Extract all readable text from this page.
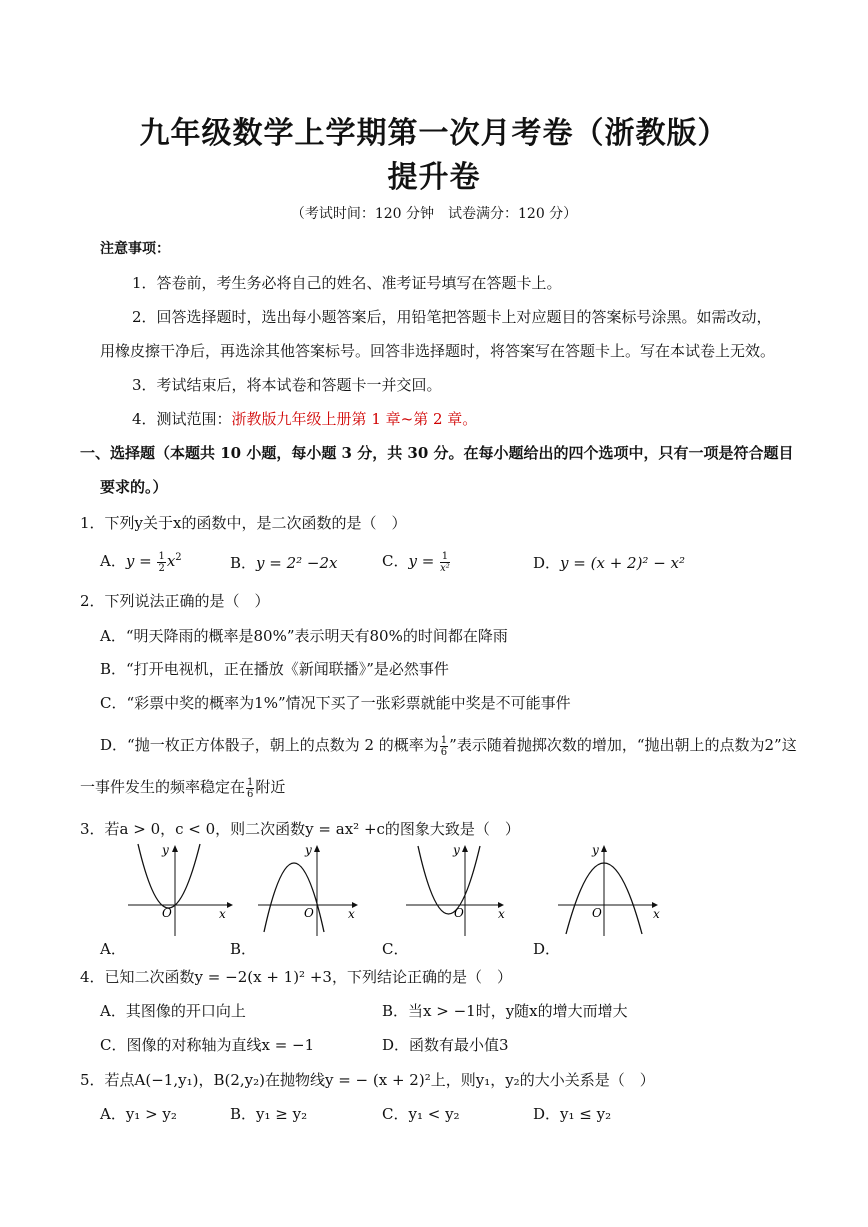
九年级数学上学期第一次月考卷（浙教版）
提升卷
（考试时间：120 分钟　试卷满分：120 分）
注意事项：
1．答卷前，考生务必将自己的姓名、准考证号填写在答题卡上。
2．回答选择题时，选出每小题答案后，用铅笔把答题卡上对应题目的答案标号涂黑。如需改动，
用橡皮擦干净后，再选涂其他答案标号。回答非选择题时，将答案写在答题卡上。写在本试卷上无效。
3．考试结束后，将本试卷和答题卡一并交回。
4．测试范围：浙教版九年级上册第 1 章~第 2 章。
一、选择题（本题共 10 小题，每小题 3 分，共 30 分。在每小题给出的四个选项中，只有一项是符合题目
要求的。）
1．下列y关于x的函数中，是二次函数的是（　）
A．$y = \frac{1}{2} x^2$	B．y = 2² −2x	C．$y = \frac{1}{\text{x²}}$	D．y = (x + 2)² − x²
2．下列说法正确的是（　）
A．“明天降雨的概率是80%”表示明天有80%的时间都在降雨
B．“打开电视机，正在播放《新闻联播》”是必然事件
C．“彩票中奖的概率为1%”情况下买了一张彩票就能中奖是不可能事件
D．“抛一枚正方体骰子，朝上的点数为 2 的概率为 $\frac{1}{6}$ ”表示随着抛掷次数的增加，“抛出朝上的点数为2”这
一事件发生的频率稳定在 $\frac{1}{6}$ 附近
3．若a > 0，c < 0，则二次函数y = ax² +c的图象大致是（　）
y
x
O
y
x
O
y
x
O
y
x
O
A．	B．	C．	D．
4．已知二次函数y = −2(x + 1)² +3，下列结论正确的是（　）
A．其图像的开口向上	B．当x > −1时，y随x的增大而增大
C．图像的对称轴为直线x = −1	D．函数有最小值3
5．若点A(−1,y₁)，B(2,y₂)在抛物线y = − (x + 2)²上，则y₁，y₂的大小关系是（　）
A．y₁ > y₂	B．y₁ ≥ y₂	C．y₁ < y₂	D．y₁ ≤ y₂
